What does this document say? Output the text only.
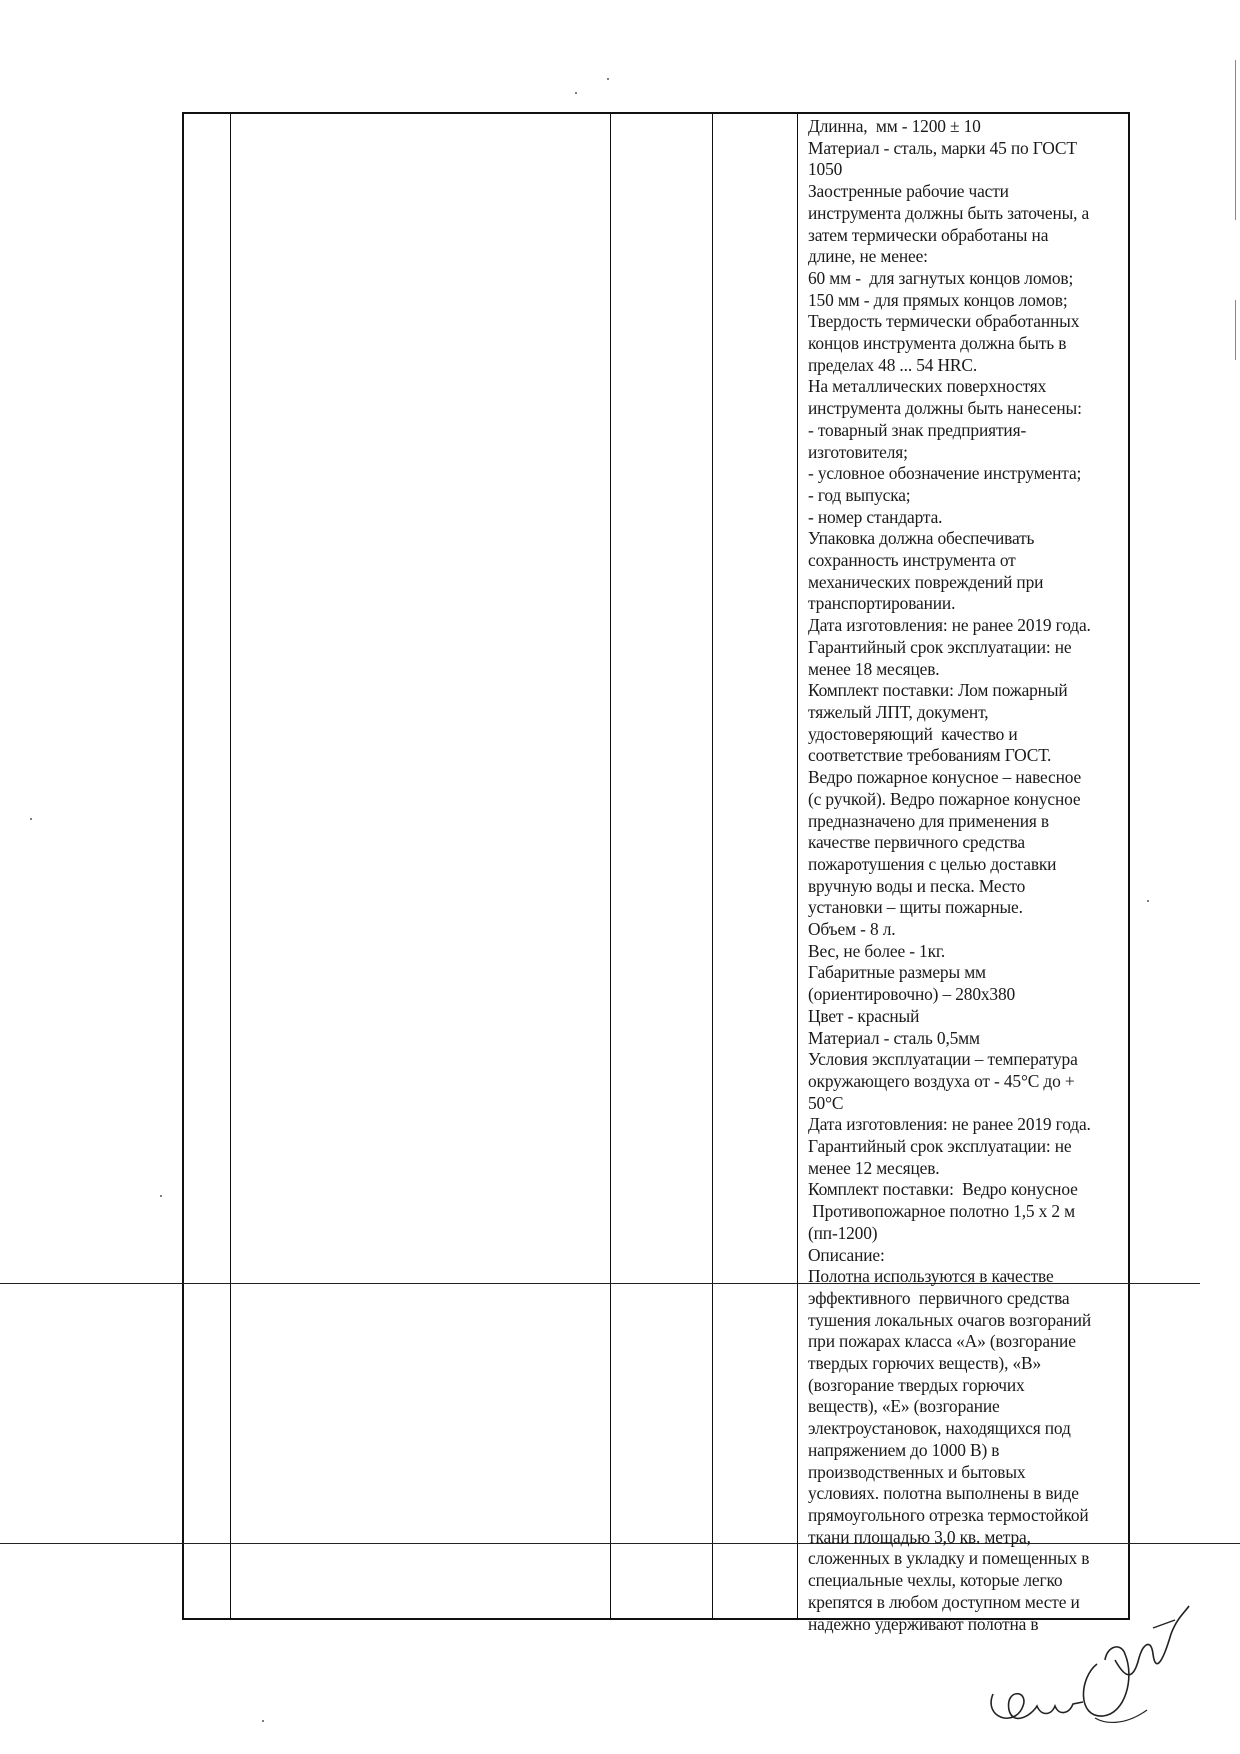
Длинна,  мм - 1200 ± 10
Материал - сталь, марки 45 по ГОСТ
1050
Заостренные рабочие части
инструмента должны быть заточены, а
затем термически обработаны на
длине, не менее:
60 мм -  для загнутых концов ломов;
150 мм - для прямых концов ломов;
Твердость термически обработанных
концов инструмента должна быть в
пределах 48 ... 54 HRC.
На металлических поверхностях
инструмента должны быть нанесены:
- товарный знак предприятия-
изготовителя;
- условное обозначение инструмента;
- год выпуска;
- номер стандарта.
Упаковка должна обеспечивать
сохранность инструмента от
механических повреждений при
транспортировании.
Дата изготовления: не ранее 2019 года.
Гарантийный срок эксплуатации: не
менее 18 месяцев.
Комплект поставки: Лом пожарный
тяжелый ЛПТ, документ,
удостоверяющий  качество и
соответствие требованиям ГОСТ.
Ведро пожарное конусное – навесное
(с ручкой). Ведро пожарное конусное
предназначено для применения в
качестве первичного средства
пожаротушения с целью доставки
вручную воды и песка. Место
установки – щиты пожарные.
Объем - 8 л.
Вес, не более - 1кг.
Габаритные размеры мм
(ориентировочно) – 280х380
Цвет - красный
Материал - сталь 0,5мм
Условия эксплуатации – температура
окружающего воздуха от - 45°С до +
50°С
Дата изготовления: не ранее 2019 года.
Гарантийный срок эксплуатации: не
менее 12 месяцев.
Комплект поставки:  Ведро конусное
Противопожарное полотно 1,5 х 2 м
(пп-1200)
Описание:
Полотна используются в качестве
эффективного  первичного средства
тушения локальных очагов возгораний
при пожарах класса «А» (возгорание
твердых горючих веществ), «В»
(возгорание твердых горючих
веществ), «Е» (возгорание
электроустановок, находящихся под
напряжением до 1000 В) в
производственных и бытовых
условиях. полотна выполнены в виде
прямоугольного отрезка термостойкой
ткани площадью 3,0 кв. метра,
сложенных в укладку и помещенных в
специальные чехлы, которые легко
крепятся в любом доступном месте и
надежно удерживают полотна в
